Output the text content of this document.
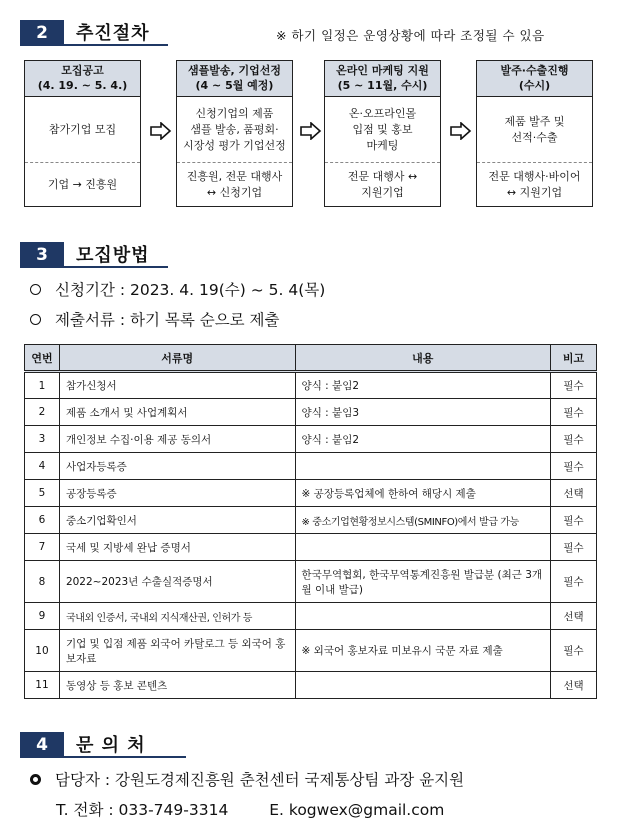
2	추진절차	※ 하기 일정은 운영상황에 따라 조정될 수 있음
모집공고
(4. 19. ~ 5. 4.)
참가기업 모집
기업 → 진흥원
샘플발송, 기업선정
(4 ~ 5월 예정)
신청기업의 제품
샘플 발송, 품평회·
시장성 평가 기업선정
진흥원, 전문 대행사
↔ 신청기업
온라인 마케팅 지원
(5 ~ 11월, 수시)
온·오프라인몰
입점 및 홍보
마케팅
전문 대행사 ↔
지원기업
발주·수출진행
(수시)
제품 발주 및
선적·수출
전문 대행사·바이어
↔ 지원기업
3	모집방법
신청기간 : 2023. 4. 19(수) ~ 5. 4(목)
제출서류 : 하기 목록 순으로 제출
연번	서류명	내용	비고
1	참가신청서	양식 : 붙임2	필수
2	제품 소개서 및 사업계획서	양식 : 붙임3	필수
3	개인정보 수집·이용 제공 동의서	양식 : 붙임2	필수
4	사업자등록증		필수
5	공장등록증	※ 공장등록업체에 한하여 해당시 제출	선택
6	중소기업확인서	※ 중소기업현황정보시스템(SMINFO)에서 발급 가능	필수
7	국세 및 지방세 완납 증명서		필수
8	2022~2023년 수출실적증명서	한국무역협회, 한국무역통계진흥원 발급분 (최근 3개월 이내 발급)	필수
9	국내외 인증서, 국내외 지식재산권, 인허가 등		선택
10	기업 및 입점 제품 외국어 카탈로그 등 외국어 홍보자료	※ 외국어 홍보자료 미보유시 국문 자료 제출	필수
11	동영상 등 홍보 콘텐츠		선택
4	문 의 처
담당자 : 강원도경제진흥원 춘천센터 국제통상팀 과장 윤지원
T. 전화 : 033-749-3314	E. kogwex@gmail.com
